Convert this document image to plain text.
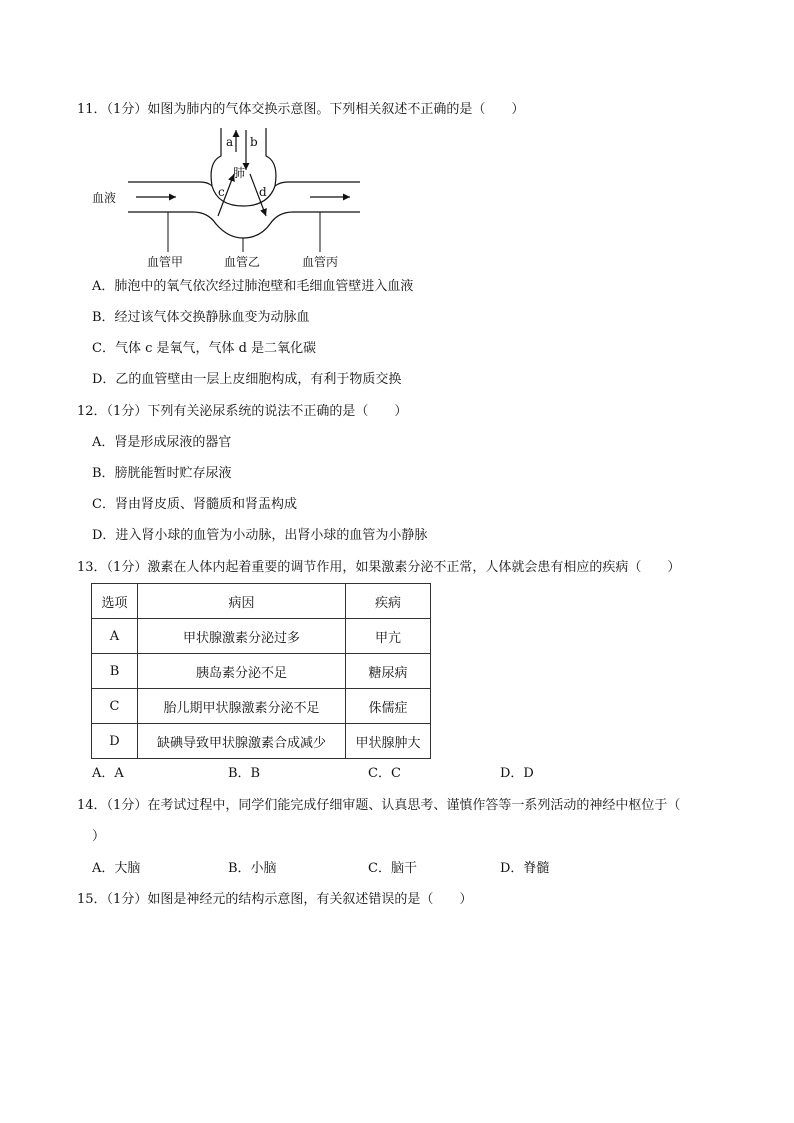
11．（1分）如图为肺内的气体交换示意图。下列相关叙述不正确的是（　　）
a b
肺
c	d
血液
血管甲	血管乙	血管丙
A．肺泡中的氧气依次经过肺泡壁和毛细血管壁进入血液
B．经过该气体交换静脉血变为动脉血
C．气体 c 是氧气，气体 d 是二氧化碳
D．乙的血管壁由一层上皮细胞构成，有利于物质交换
12．（1分）下列有关泌尿系统的说法不正确的是（　　）
A．肾是形成尿液的器官
B．膀胱能暂时贮存尿液
C．肾由肾皮质、肾髓质和肾盂构成
D．进入肾小球的血管为小动脉，出肾小球的血管为小静脉
13．（1分）激素在人体内起着重要的调节作用，如果激素分泌不正常，人体就会患有相应的疾病（　　）
选项	病因	疾病
A	甲状腺激素分泌过多	甲亢
B	胰岛素分泌不足	糖尿病
C	胎儿期甲状腺激素分泌不足	侏儒症
D	缺碘导致甲状腺激素合成减少	甲状腺肿大
A．A	B．B	C．C	D．D
14．（1分）在考试过程中，同学们能完成仔细审题、认真思考、谨慎作答等一系列活动的神经中枢位于（
）
A．大脑	B．小脑	C．脑干	D．脊髓
15．（1分）如图是神经元的结构示意图，有关叙述错误的是（　　）
